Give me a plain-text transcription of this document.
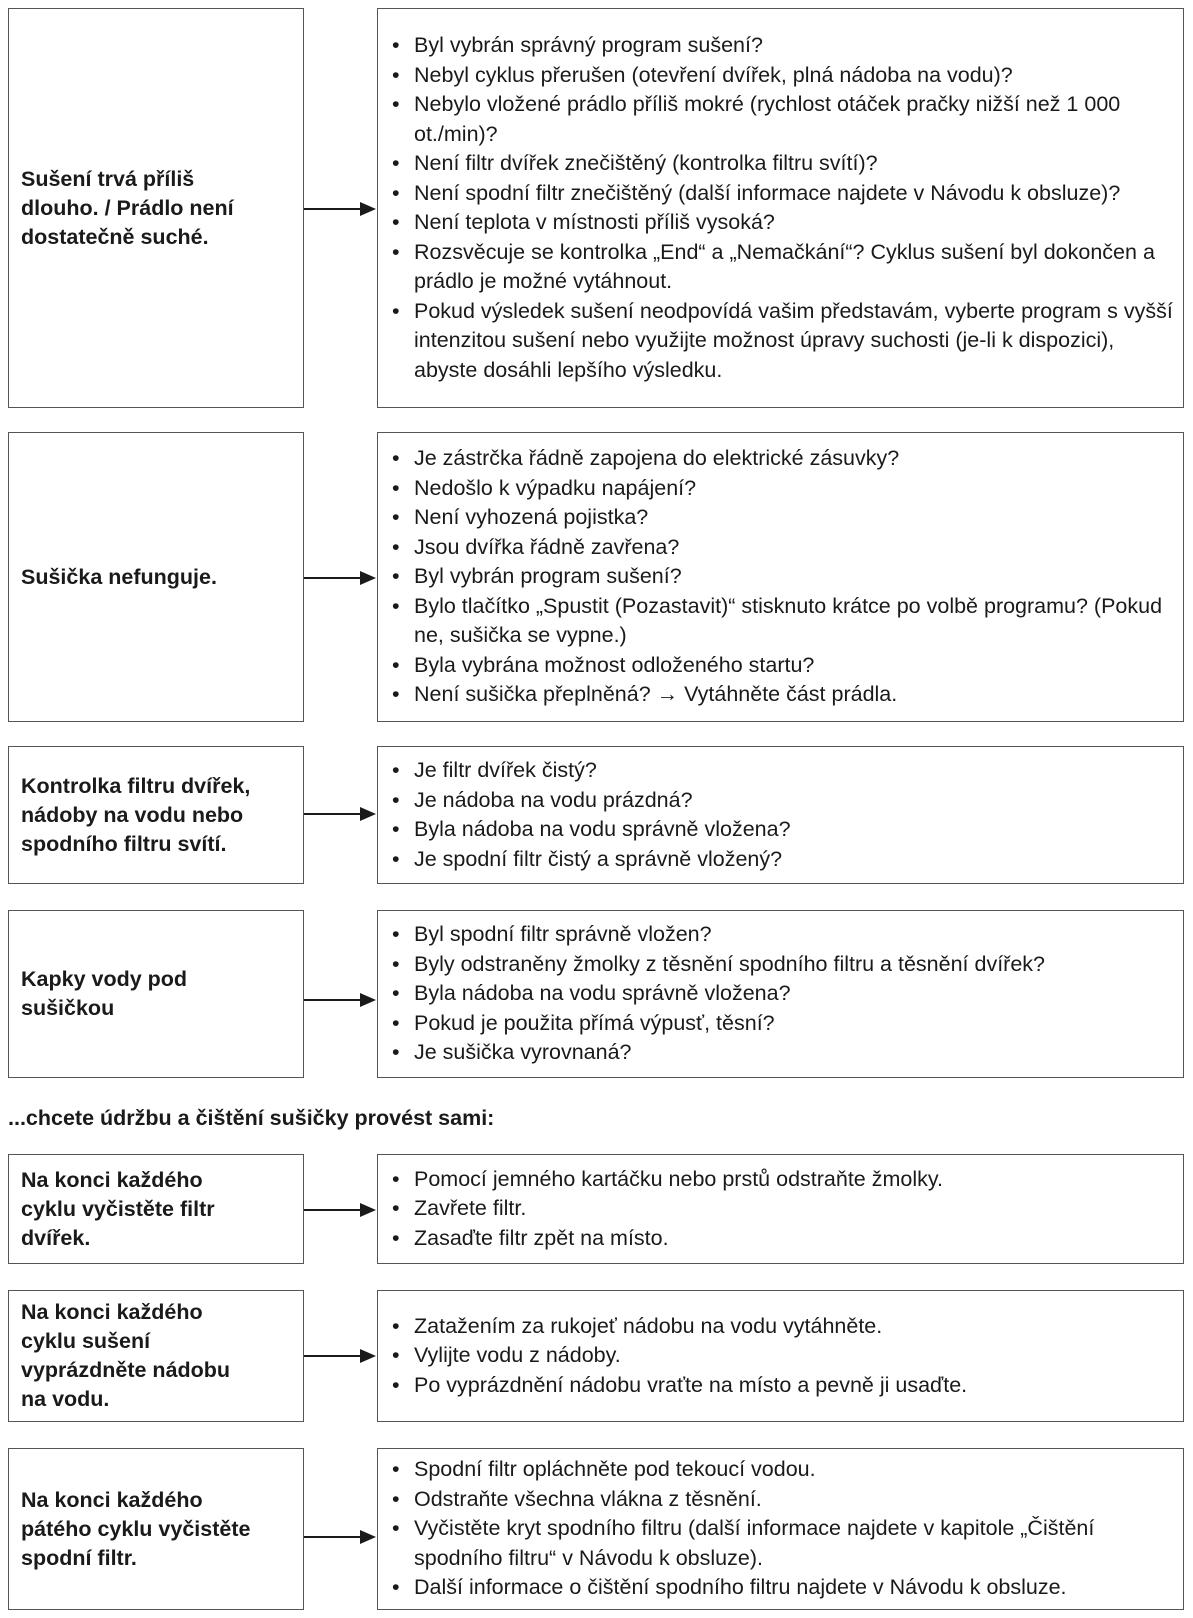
Sušení trvá příliš
dlouho. / Prádlo není
dostatečně suché.
• Byl vybrán správný program sušení?
• Nebyl cyklus přerušen (otevření dvířek, plná nádoba na vodu)?
• Nebylo vložené prádlo příliš mokré (rychlost otáček pračky nižší než 1 000 ot./min)?
• Není filtr dvířek znečištěný (kontrolka filtru svítí)?
• Není spodní filtr znečištěný (další informace najdete v Návodu k obsluze)?
• Není teplota v místnosti příliš vysoká?
• Rozsvěcuje se kontrolka „End“ a „Nemačkání“? Cyklus sušení byl dokončen a prádlo je možné vytáhnout.
• Pokud výsledek sušení neodpovídá vašim představám, vyberte program s vyšší intenzitou sušení nebo využijte možnost úpravy suchosti (je-li k dispozici), abyste dosáhli lepšího výsledku.
Sušička nefunguje.
• Je zástrčka řádně zapojena do elektrické zásuvky?
• Nedošlo k výpadku napájení?
• Není vyhozená pojistka?
• Jsou dvířka řádně zavřena?
• Byl vybrán program sušení?
• Bylo tlačítko „Spustit (Pozastavit)“ stisknuto krátce po volbě programu? (Pokud ne, sušička se vypne.)
• Byla vybrána možnost odloženého startu?
• Není sušička přeplněná? → Vytáhněte část prádla.
Kontrolka filtru dvířek,
nádoby na vodu nebo
spodního filtru svítí.
• Je filtr dvířek čistý?
• Je nádoba na vodu prázdná?
• Byla nádoba na vodu správně vložena?
• Je spodní filtr čistý a správně vložený?
Kapky vody pod
sušičkou
• Byl spodní filtr správně vložen?
• Byly odstraněny žmolky z těsnění spodního filtru a těsnění dvířek?
• Byla nádoba na vodu správně vložena?
• Pokud je použita přímá výpusť, těsní?
• Je sušička vyrovnaná?
...chcete údržbu a čištění sušičky provést sami:
Na konci každého
cyklu vyčistěte filtr
dvířek.
• Pomocí jemného kartáčku nebo prstů odstraňte žmolky.
• Zavřete filtr.
• Zasaďte filtr zpět na místo.
Na konci každého
cyklu sušení
vyprázdněte nádobu
na vodu.
• Zatažením za rukojeť nádobu na vodu vytáhněte.
• Vylijte vodu z nádoby.
• Po vyprázdnění nádobu vraťte na místo a pevně ji usaďte.
Na konci každého
pátého cyklu vyčistěte
spodní filtr.
• Spodní filtr opláchněte pod tekoucí vodou.
• Odstraňte všechna vlákna z těsnění.
• Vyčistěte kryt spodního filtru (další informace najdete v kapitole „Čištění spodního filtru“ v Návodu k obsluze).
• Další informace o čištění spodního filtru najdete v Návodu k obsluze.
